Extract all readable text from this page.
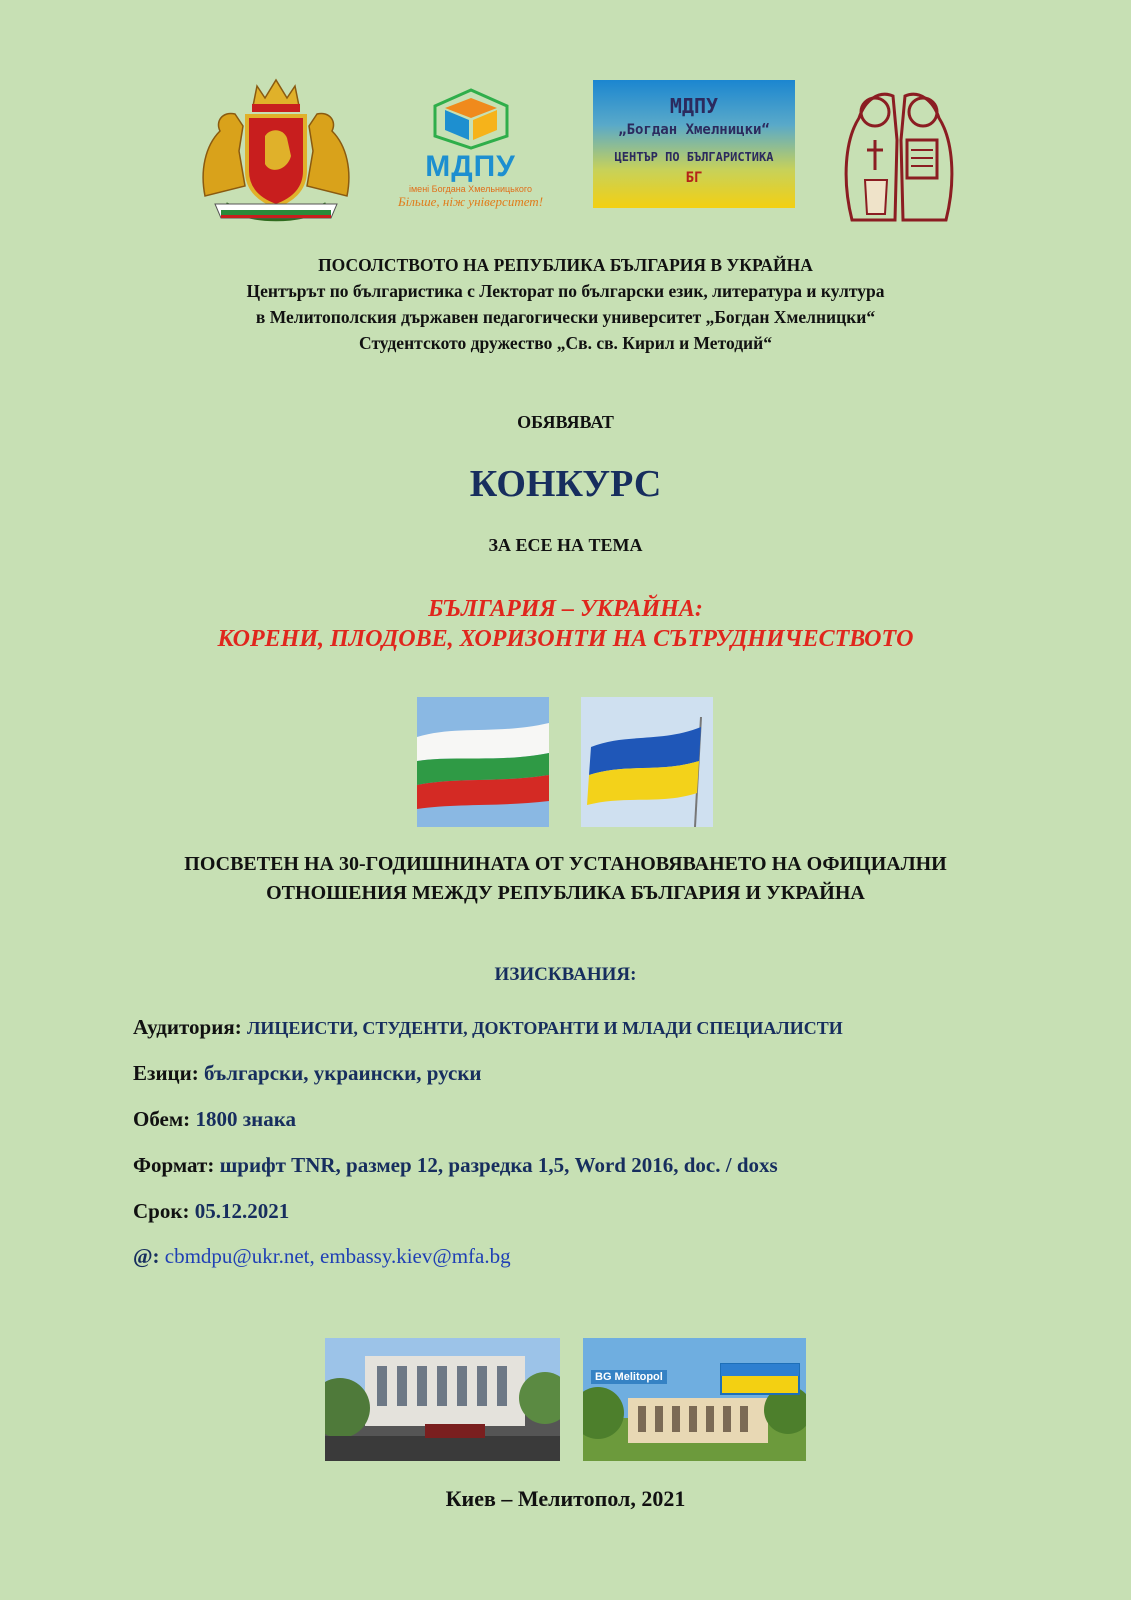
МДПУ
імені Богдана Хмельницького
Більше, ніж університет!
МДПУ
„Богдан Хмелницки“
ЦЕНТЪР ПО БЪЛГАРИСТИКА
БГ
ПОСОЛСТВОТО НА РЕПУБЛИКА БЪЛГАРИЯ В УКРАЙНА
Центърът по българистика с Лекторат по български език, литература и култура
в Мелитополския държавен педагогически университет „Богдан Хмелницки“
Студентското дружество „Св. св. Кирил и Методий“
ОБЯВЯВАТ
КОНКУРС
ЗА ЕСЕ НА ТЕМА
БЪЛГАРИЯ – УКРАЙНА:
КОРЕНИ, ПЛОДОВЕ, ХОРИЗОНТИ НА СЪТРУДНИЧЕСТВОТО
ПОСВЕТЕН НА 30-ГОДИШНИНАТА ОТ УСТАНОВЯВАНЕТО НА ОФИЦИАЛНИ
ОТНОШЕНИЯ МЕЖДУ РЕПУБЛИКА БЪЛГАРИЯ И УКРАЙНА
ИЗИСКВАНИЯ:
Аудитория: ЛИЦЕИСТИ, СТУДЕНТИ, ДОКТОРАНТИ И МЛАДИ СПЕЦИАЛИСТИ
Езици: български, украински, руски
Обем: 1800 знака
Формат: шрифт TNR, размер 12, разредка 1,5, Word 2016, doc. / doxs
Срок: 05.12.2021
@: cbmdpu@ukr.net, embassy.kiev@mfa.bg
BG Melitopol
Киев – Мелитопол, 2021
